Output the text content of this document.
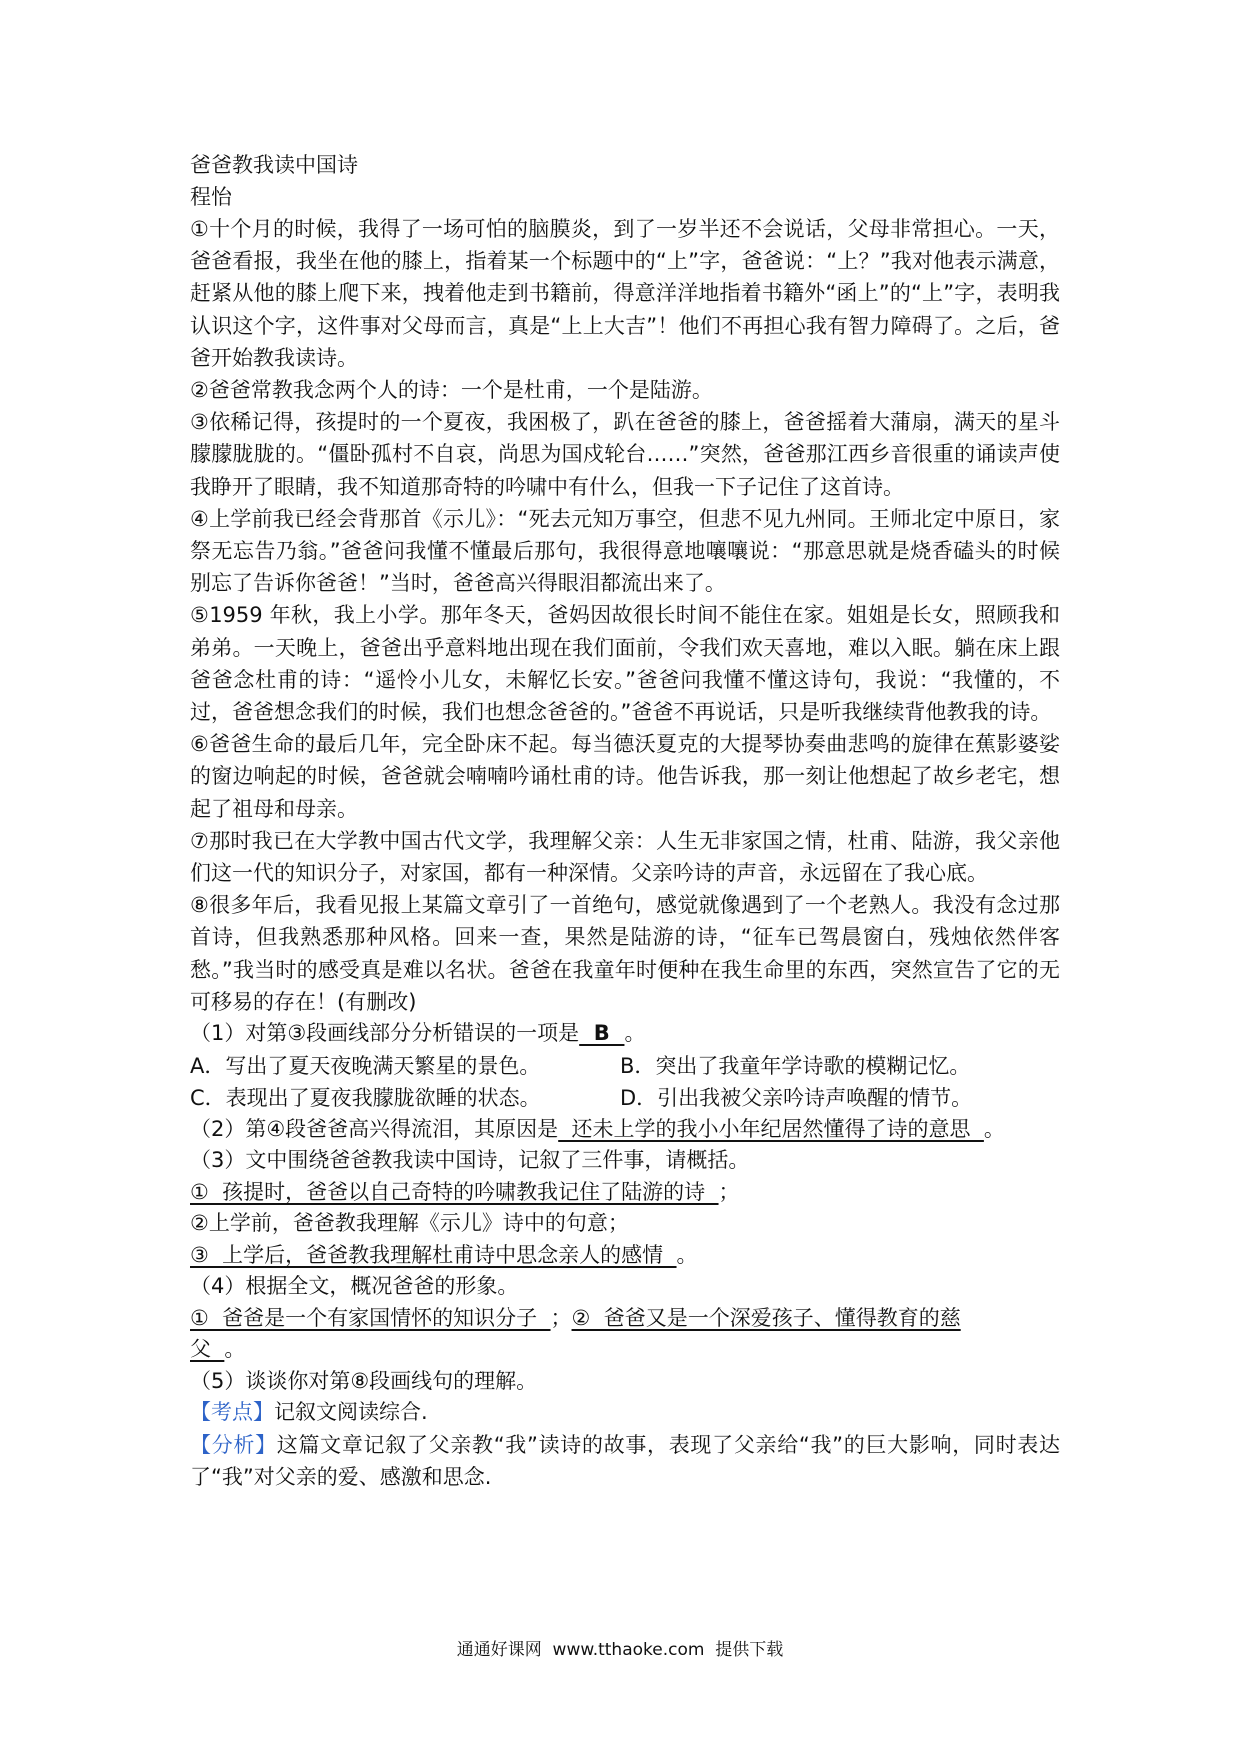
爸爸教我读中国诗
程怡
①十个月的时候，我得了一场可怕的脑膜炎，到了一岁半还不会说话，父母非常担心。一天，爸爸看报，我坐在他的膝上，指着某一个标题中的“上”字，爸爸说：“上？”我对他表示满意，赶紧从他的膝上爬下来，拽着他走到书籍前，得意洋洋地指着书籍外“函上”的“上”字，表明我认识这个字，这件事对父母而言，真是“上上大吉”！他们不再担心我有智力障碍了。之后，爸爸开始教我读诗。
②爸爸常教我念两个人的诗：一个是杜甫，一个是陆游。
③依稀记得，孩提时的一个夏夜，我困极了，趴在爸爸的膝上，爸爸摇着大蒲扇，满天的星斗朦朦胧胧的。“僵卧孤村不自哀，尚思为国戍轮台……”突然，爸爸那江西乡音很重的诵读声使我睁开了眼睛，我不知道那奇特的吟啸中有什么，但我一下子记住了这首诗。
④上学前我已经会背那首《示儿》：“死去元知万事空，但悲不见九州同。王师北定中原日，家祭无忘告乃翁。”爸爸问我懂不懂最后那句，我很得意地嚷嚷说：“那意思就是烧香磕头的时候别忘了告诉你爸爸！”当时，爸爸高兴得眼泪都流出来了。
⑤1959 年秋，我上小学。那年冬天，爸妈因故很长时间不能住在家。姐姐是长女，照顾我和弟弟。一天晚上，爸爸出乎意料地出现在我们面前，令我们欢天喜地，难以入眠。躺在床上跟爸爸念杜甫的诗：“遥怜小儿女，未解忆长安。”爸爸问我懂不懂这诗句，我说：“我懂的，不过，爸爸想念我们的时候，我们也想念爸爸的。”爸爸不再说话，只是听我继续背他教我的诗。
⑥爸爸生命的最后几年，完全卧床不起。每当德沃夏克的大提琴协奏曲悲鸣的旋律在蕉影婆娑的窗边响起的时候，爸爸就会喃喃吟诵杜甫的诗。他告诉我，那一刻让他想起了故乡老宅，想起了祖母和母亲。
⑦那时我已在大学教中国古代文学，我理解父亲：人生无非家国之情，杜甫、陆游，我父亲他们这一代的知识分子，对家国，都有一种深情。父亲吟诗的声音，永远留在了我心底。
⑧很多年后，我看见报上某篇文章引了一首绝句，感觉就像遇到了一个老熟人。我没有念过那首诗，但我熟悉那种风格。回来一查，果然是陆游的诗，“征车已驾晨窗白，残烛依然伴客愁。”我当时的感受真是难以名状。爸爸在我童年时便种在我生命里的东西，突然宣告了它的无可移易的存在！(有删改)
（1）对第③段画线部分分析错误的一项是  B  。
A．写出了夏天夜晚满天繁星的景色。	B．突出了我童年学诗歌的模糊记忆。
C．表现出了夏夜我朦胧欲睡的状态。	D．引出我被父亲吟诗声唤醒的情节。
（2）第④段爸爸高兴得流泪，其原因是  还未上学的我小小年纪居然懂得了诗的意思  。
（3）文中围绕爸爸教我读中国诗，记叙了三件事，请概括。
①  孩提时，爸爸以自己奇特的吟啸教我记住了陆游的诗  ；
②上学前，爸爸教我理解《示儿》诗中的句意；
③  上学后，爸爸教我理解杜甫诗中思念亲人的感情  。
（4）根据全文，概况爸爸的形象。
①  爸爸是一个有家国情怀的知识分子  ；②  爸爸又是一个深爱孩子、懂得教育的慈
父  。
（5）谈谈你对第⑧段画线句的理解。
【考点】记叙文阅读综合.
【分析】这篇文章记叙了父亲教“我”读诗的故事，表现了父亲给“我”的巨大影响，同时表达了“我”对父亲的爱、感激和思念.
通通好课网  www.tthaoke.com  提供下载
